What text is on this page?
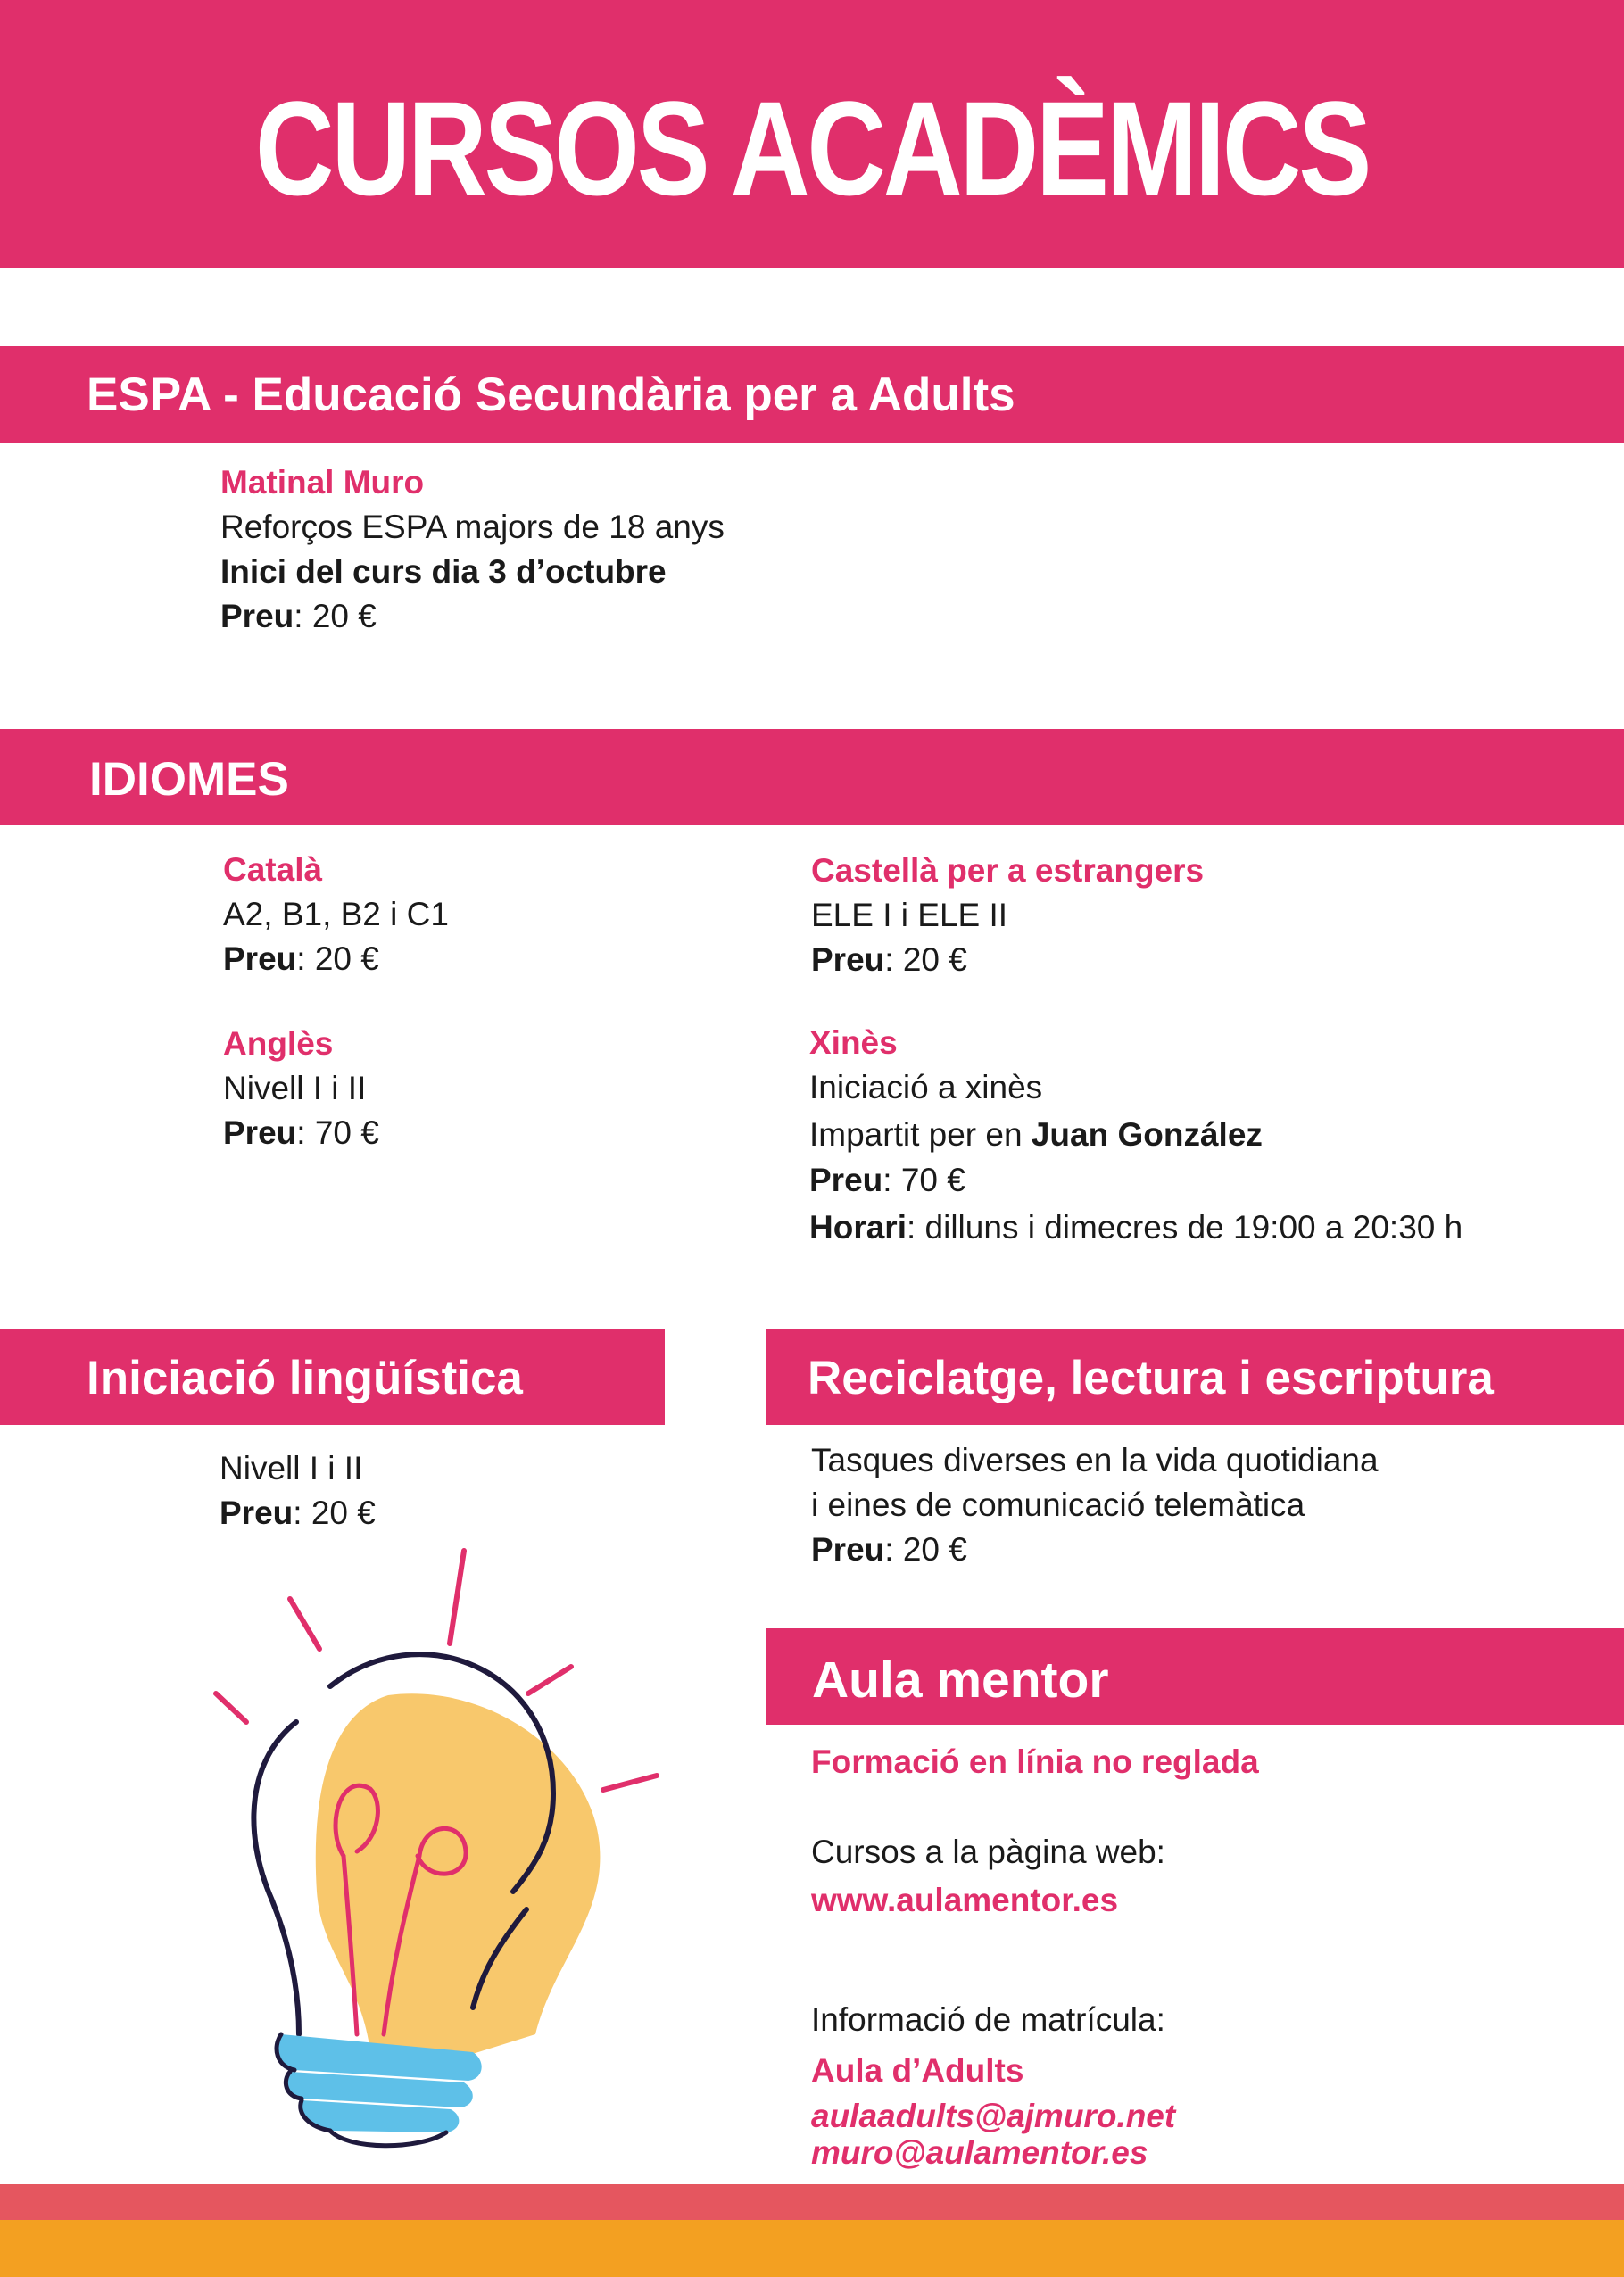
CURSOS ACADÈMICS
ESPA - Educació Secundària per a Adults
Matinal Muro
Reforços ESPA majors de 18 anys
Inici del curs dia 3 d’octubre
Preu: 20 €
IDIOMES
Català
A2, B1, B2 i C1
Preu: 20 €
Anglès
Nivell I i II
Preu: 70 €
Castellà per a estrangers
ELE I i ELE II
Preu: 20 €
Xinès
Iniciació a xinès
Impartit per en Juan González
Preu: 70 €
Horari: dilluns i dimecres de 19:00 a 20:30 h
Iniciació lingüística
Nivell I i II
Preu: 20 €
Reciclatge, lectura i escriptura
Tasques diverses en la vida quotidiana
i eines de comunicació telemàtica
Preu: 20 €
Aula mentor
Formació en línia no reglada
Cursos a la pàgina web:
www.aulamentor.es
Informació de matrícula:
Aula d’Adults
aulaadults@ajmuro.net
muro@aulamentor.es
